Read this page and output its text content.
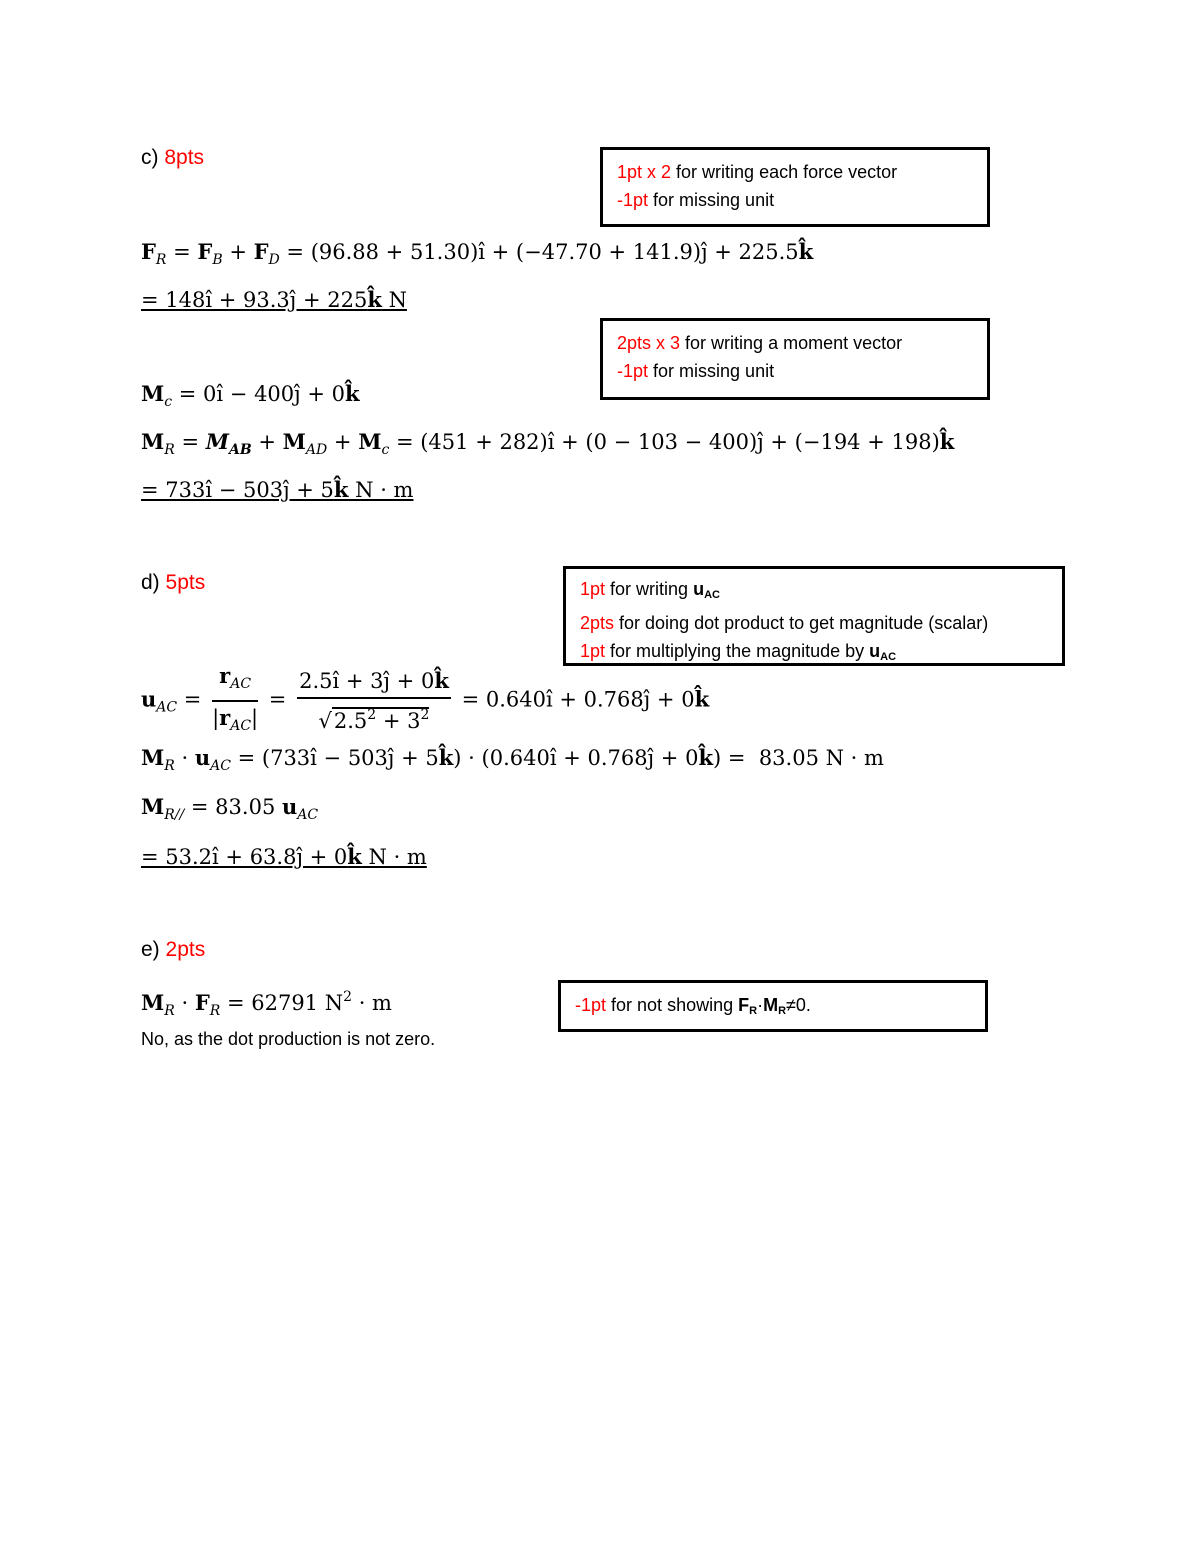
c) 8pts
1pt x 2 for writing each force vector
-1pt for missing unit
$F_R = F_B + F_D = (96.88$ + 51.30)î + (−47.70 + 141.9)ĵ + 225.5k̂
= 148î + 93.3ĵ + 225k̂ N
2pts x 3 for writing a moment vector
-1pt for missing unit
$M_c$ = 0î − 400ĵ + 0k̂
$M_R = M_{AB} + M_{AD} + M_c = (451$ + 282)î + (0 − 103 − 400)ĵ + (−194 + 198)k̂
= 733î − 503ĵ + 5k̂ N · m
d) 5pts	1pt for writing uAC
2pts for doing dot product to get magnitude (scalar)
1pt for multiplying the magnitude by uAC
$u_{AC} = \frac{r_{AC}}{|r_{AC}|} = \frac{2.5î + 3ĵ + 0k̂}{√2.5^2 + 3^2}$ = 0.640î + 0.768ĵ + 0k̂
$M_R \cdot u_{AC}$ = (733î − 503ĵ + 5k̂) · (0.640î + 0.768ĵ + 0k̂) =  83.05 N · m
$M_{R//} = 83.05$ $u_{AC}$
= 53.2î + 63.8ĵ + 0k̂ N · m
e) 2pts
$M_R \cdot F_R = 62791$ $N^2 \cdot m$	-1pt for not showing FR·MR≠0.
No, as the dot production is not zero.
